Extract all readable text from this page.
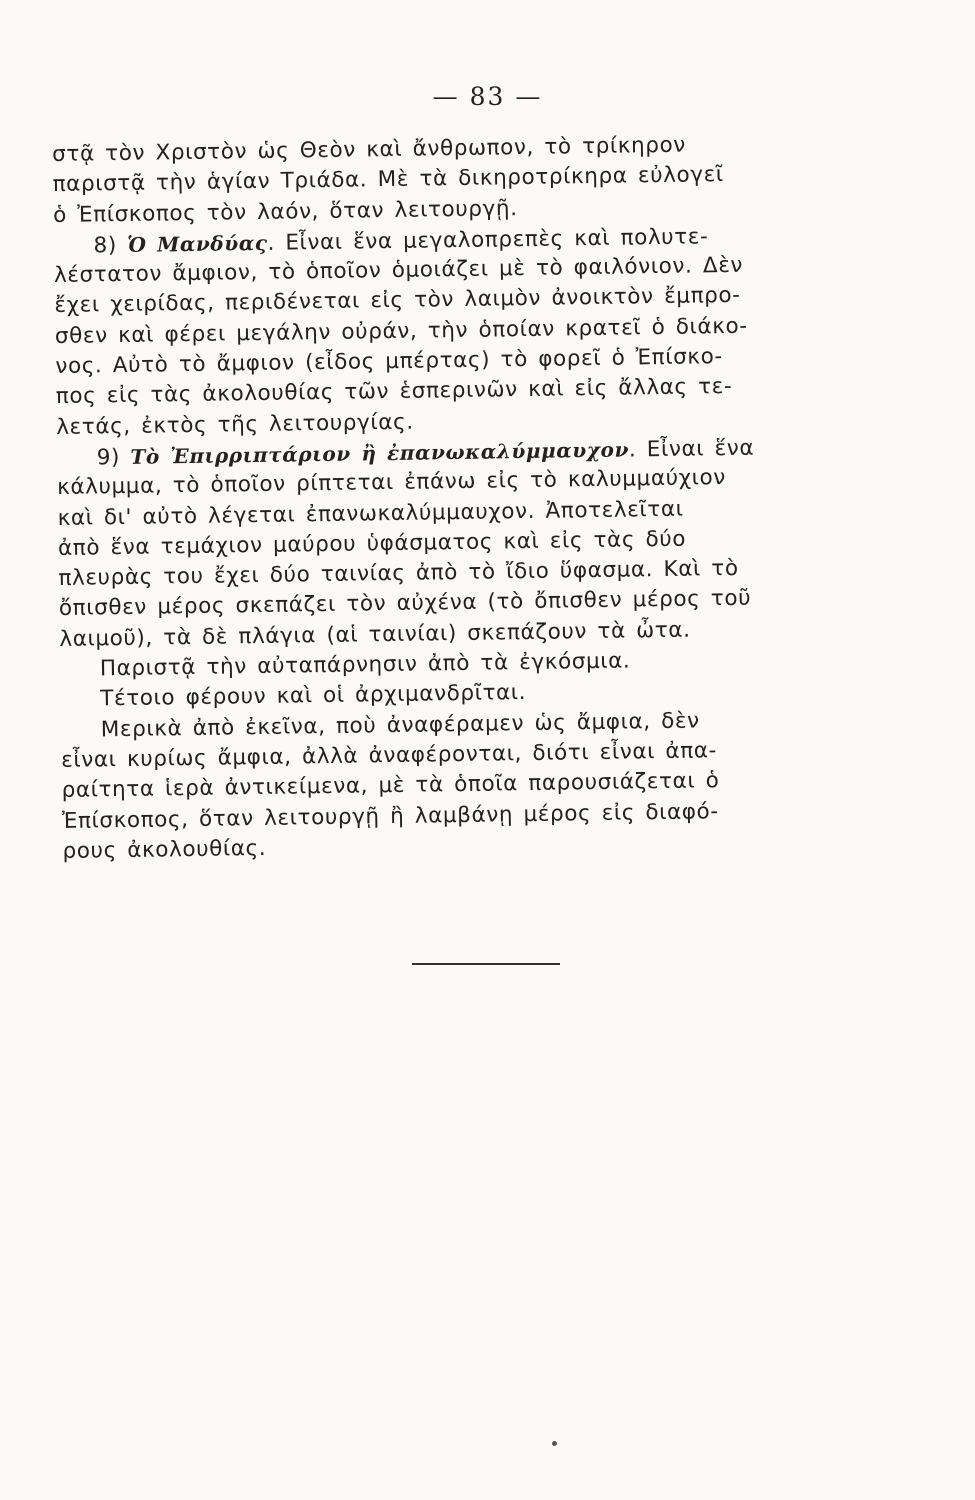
— 83 —
στᾷ τὸν Χριστὸν ὡς Θεὸν καὶ ἄνθρωπον, τὸ τρίκηρον
παριστᾷ τὴν ἁγίαν Τριάδα. Μὲ τὰ δικηροτρίκηρα εὐλογεῖ
ὁ Ἐπίσκοπος τὸν λαόν, ὅταν λειτουργῇ.
8) Ὁ Μανδύας. Εἶναι ἕνα μεγαλοπρεπὲς καὶ πολυτε-
λέστατον ἄμφιον, τὸ ὁποῖον ὁμοιάζει μὲ τὸ φαιλόνιον. Δὲν
ἔχει χειρίδας, περιδένεται εἰς τὸν λαιμὸν ἀνοικτὸν ἔμπρο-
σθεν καὶ φέρει μεγάλην οὐράν, τὴν ὁποίαν κρατεῖ ὁ διάκο-
νος. Αὐτὸ τὸ ἄμφιον (εἶδος μπέρτας) τὸ φορεῖ ὁ Ἐπίσκο-
πος εἰς τὰς ἀκολουθίας τῶν ἑσπερινῶν καὶ εἰς ἄλλας τε-
λετάς, ἐκτὸς τῆς λειτουργίας.
9) Τὸ Ἐπιρριπτάριον ἢ ἐπανωκαλύμμαυχον. Εἶναι ἕνα
κάλυμμα, τὸ ὁποῖον ρίπτεται ἐπάνω εἰς τὸ καλυμμαύχιον
καὶ δι' αὐτὸ λέγεται ἐπανωκαλύμμαυχον. Ἀποτελεῖται
ἀπὸ ἕνα τεμάχιον μαύρου ὑφάσματος καὶ εἰς τὰς δύο
πλευρὰς του ἔχει δύο ταινίας ἀπὸ τὸ ἴδιο ὕφασμα. Καὶ τὸ
ὄπισθεν μέρος σκεπάζει τὸν αὐχένα (τὸ ὄπισθεν μέρος τοῦ
λαιμοῦ), τὰ δὲ πλάγια (αἱ ταινίαι) σκεπάζουν τὰ ὦτα.
Παριστᾷ τὴν αὐταπάρνησιν ἀπὸ τὰ ἐγκόσμια.
Τέτοιο φέρουν καὶ οἱ ἀρχιμανδρῖται.
Μερικὰ ἀπὸ ἐκεῖνα, ποὺ ἀναφέραμεν ὡς ἄμφια, δὲν
εἶναι κυρίως ἄμφια, ἀλλὰ ἀναφέρονται, διότι εἶναι ἀπα-
ραίτητα ἱερὰ ἀντικείμενα, μὲ τὰ ὁποῖα παρουσιάζεται ὁ
Ἐπίσκοπος, ὅταν λειτουργῇ ἢ λαμβάνῃ μέρος εἰς διαφό-
ρους ἀκολουθίας.
